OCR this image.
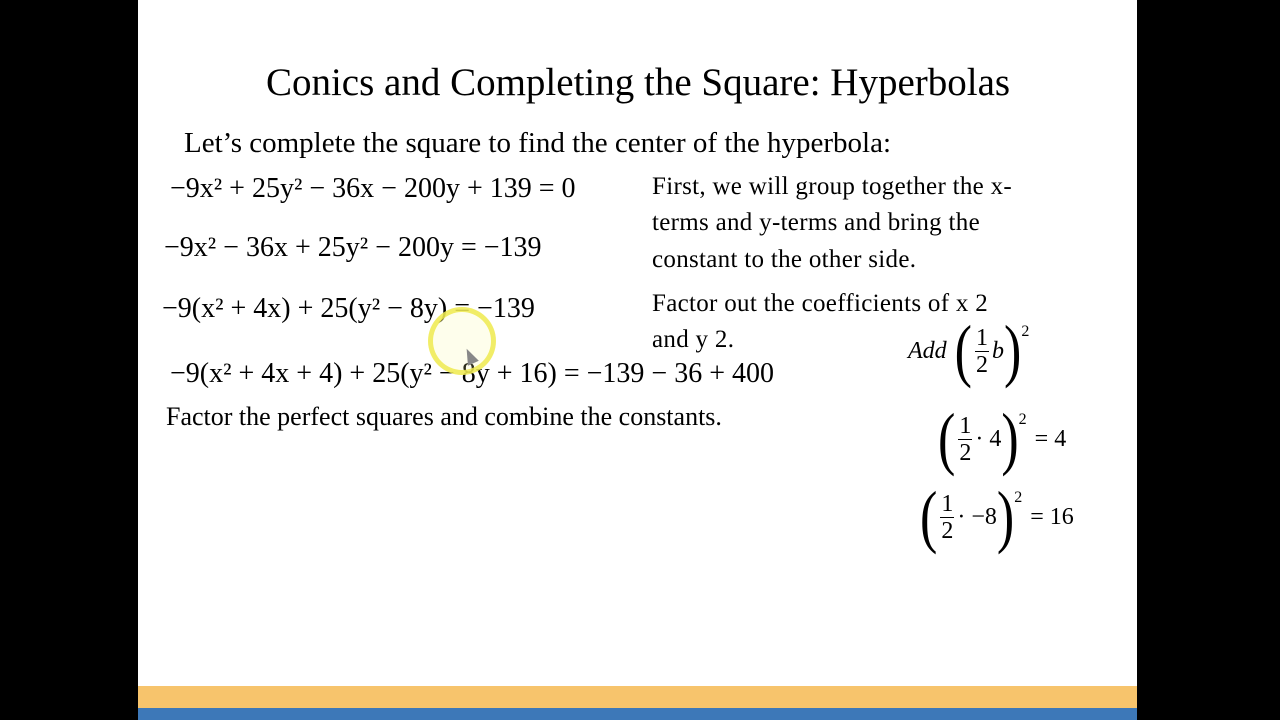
Conics and Completing the Square: Hyperbolas
Let’s complete the square to find the center of the hyperbola:
−9x² + 25y² − 36x − 200y + 139 = 0
−9x² − 36x + 25y² − 200y = −139
−9(x² + 4x) + 25(y² − 8y) = −139
−9(x² + 4x + 4) + 25(y² − 8y + 16) = −139 − 36 + 400
First, we will group together the x-
terms and y-terms and bring the
constant to the other side.
Factor out the coefficients of x 2
and y 2.	Add ( $\frac{1}{2}$ b ) 2
( $\frac{1}{2} \cdot 4$ ) 2
= 4
( $\frac{1}{2} \cdot -8$ ) 2
= 16
Factor the perfect squares and combine the constants.
